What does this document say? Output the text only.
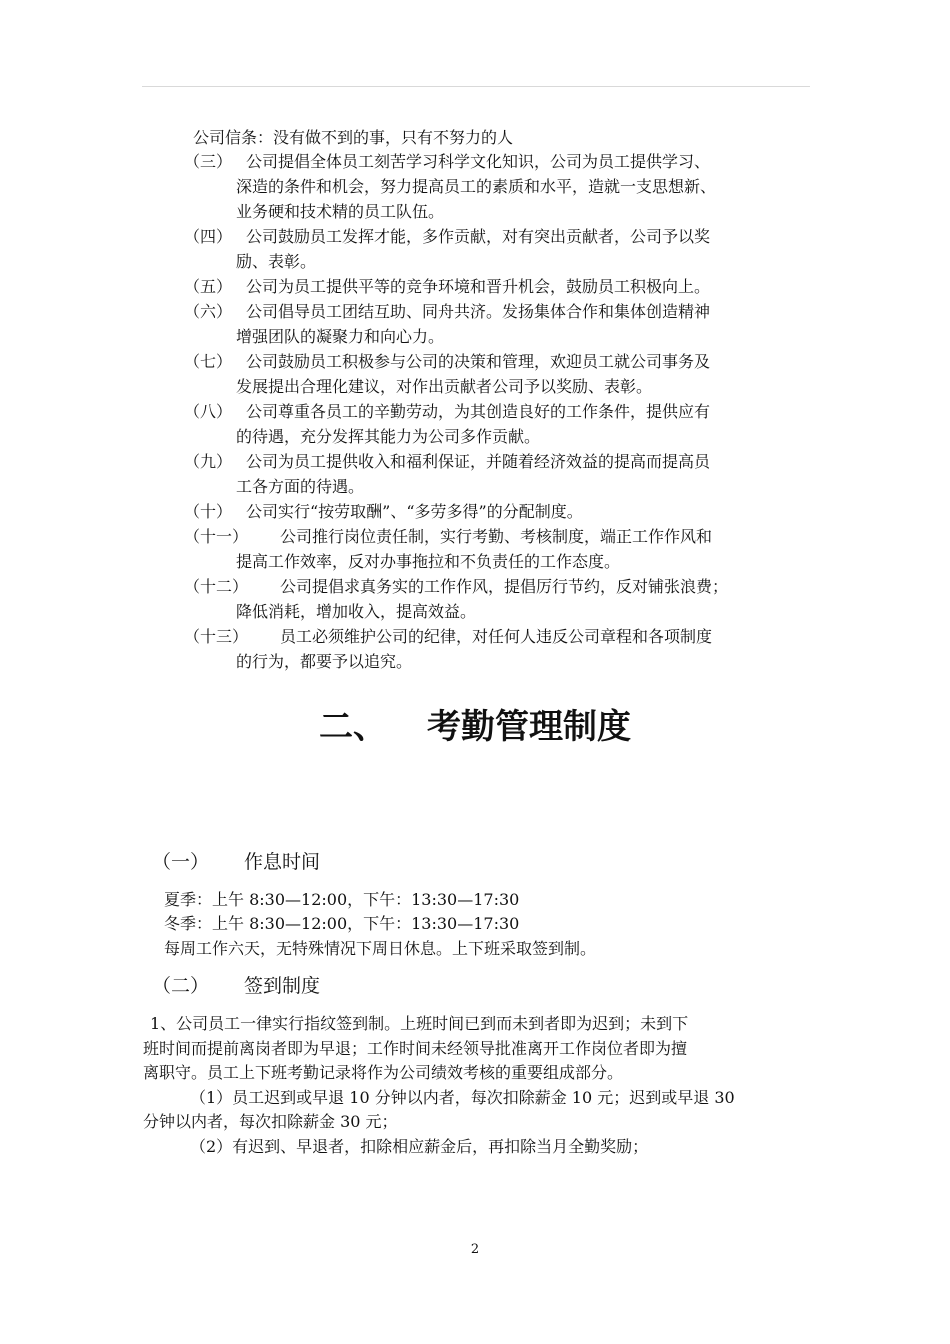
公司信条：没有做不到的事，只有不努力的人
（三） 公司提倡全体员工刻苦学习科学文化知识，公司为员工提供学习、
深造的条件和机会，努力提高员工的素质和水平，造就一支思想新、
业务硬和技术精的员工队伍。
（四） 公司鼓励员工发挥才能，多作贡献，对有突出贡献者，公司予以奖
励、表彰。
（五） 公司为员工提供平等的竞争环境和晋升机会，鼓励员工积极向上。
（六） 公司倡导员工团结互助、同舟共济。发扬集体合作和集体创造精神
增强团队的凝聚力和向心力。
（七） 公司鼓励员工积极参与公司的决策和管理，欢迎员工就公司事务及
发展提出合理化建议，对作出贡献者公司予以奖励、表彰。
（八） 公司尊重各员工的辛勤劳动，为其创造良好的工作条件，提供应有
的待遇，充分发挥其能力为公司多作贡献。
（九） 公司为员工提供收入和福利保证，并随着经济效益的提高而提高员
工各方面的待遇。
（十） 公司实行“按劳取酬”、“多劳多得”的分配制度。
（十一） 公司推行岗位责任制，实行考勤、考核制度，端正工作作风和
提高工作效率，反对办事拖拉和不负责任的工作态度。
（十二） 公司提倡求真务实的工作作风，提倡厉行节约，反对铺张浪费；
降低消耗，增加收入，提高效益。
（十三） 员工必须维护公司的纪律，对任何人违反公司章程和各项制度
的行为，都要予以追究。
二、 考勤管理制度
（一） 作息时间
夏季：上午 8:30—12:00，下午：13:30—17:30
冬季：上午 8:30—12:00，下午：13:30—17:30
每周工作六天，无特殊情况下周日休息。上下班采取签到制。
（二） 签到制度
1、公司员工一律实行指纹签到制。上班时间已到而未到者即为迟到；未到下
班时间而提前离岗者即为早退；工作时间未经领导批准离开工作岗位者即为擅
离职守。员工上下班考勤记录将作为公司绩效考核的重要组成部分。
（1）员工迟到或早退 10 分钟以内者，每次扣除薪金 10 元；迟到或早退 30
分钟以内者，每次扣除薪金 30 元；
（2）有迟到、早退者，扣除相应薪金后，再扣除当月全勤奖励；
2
